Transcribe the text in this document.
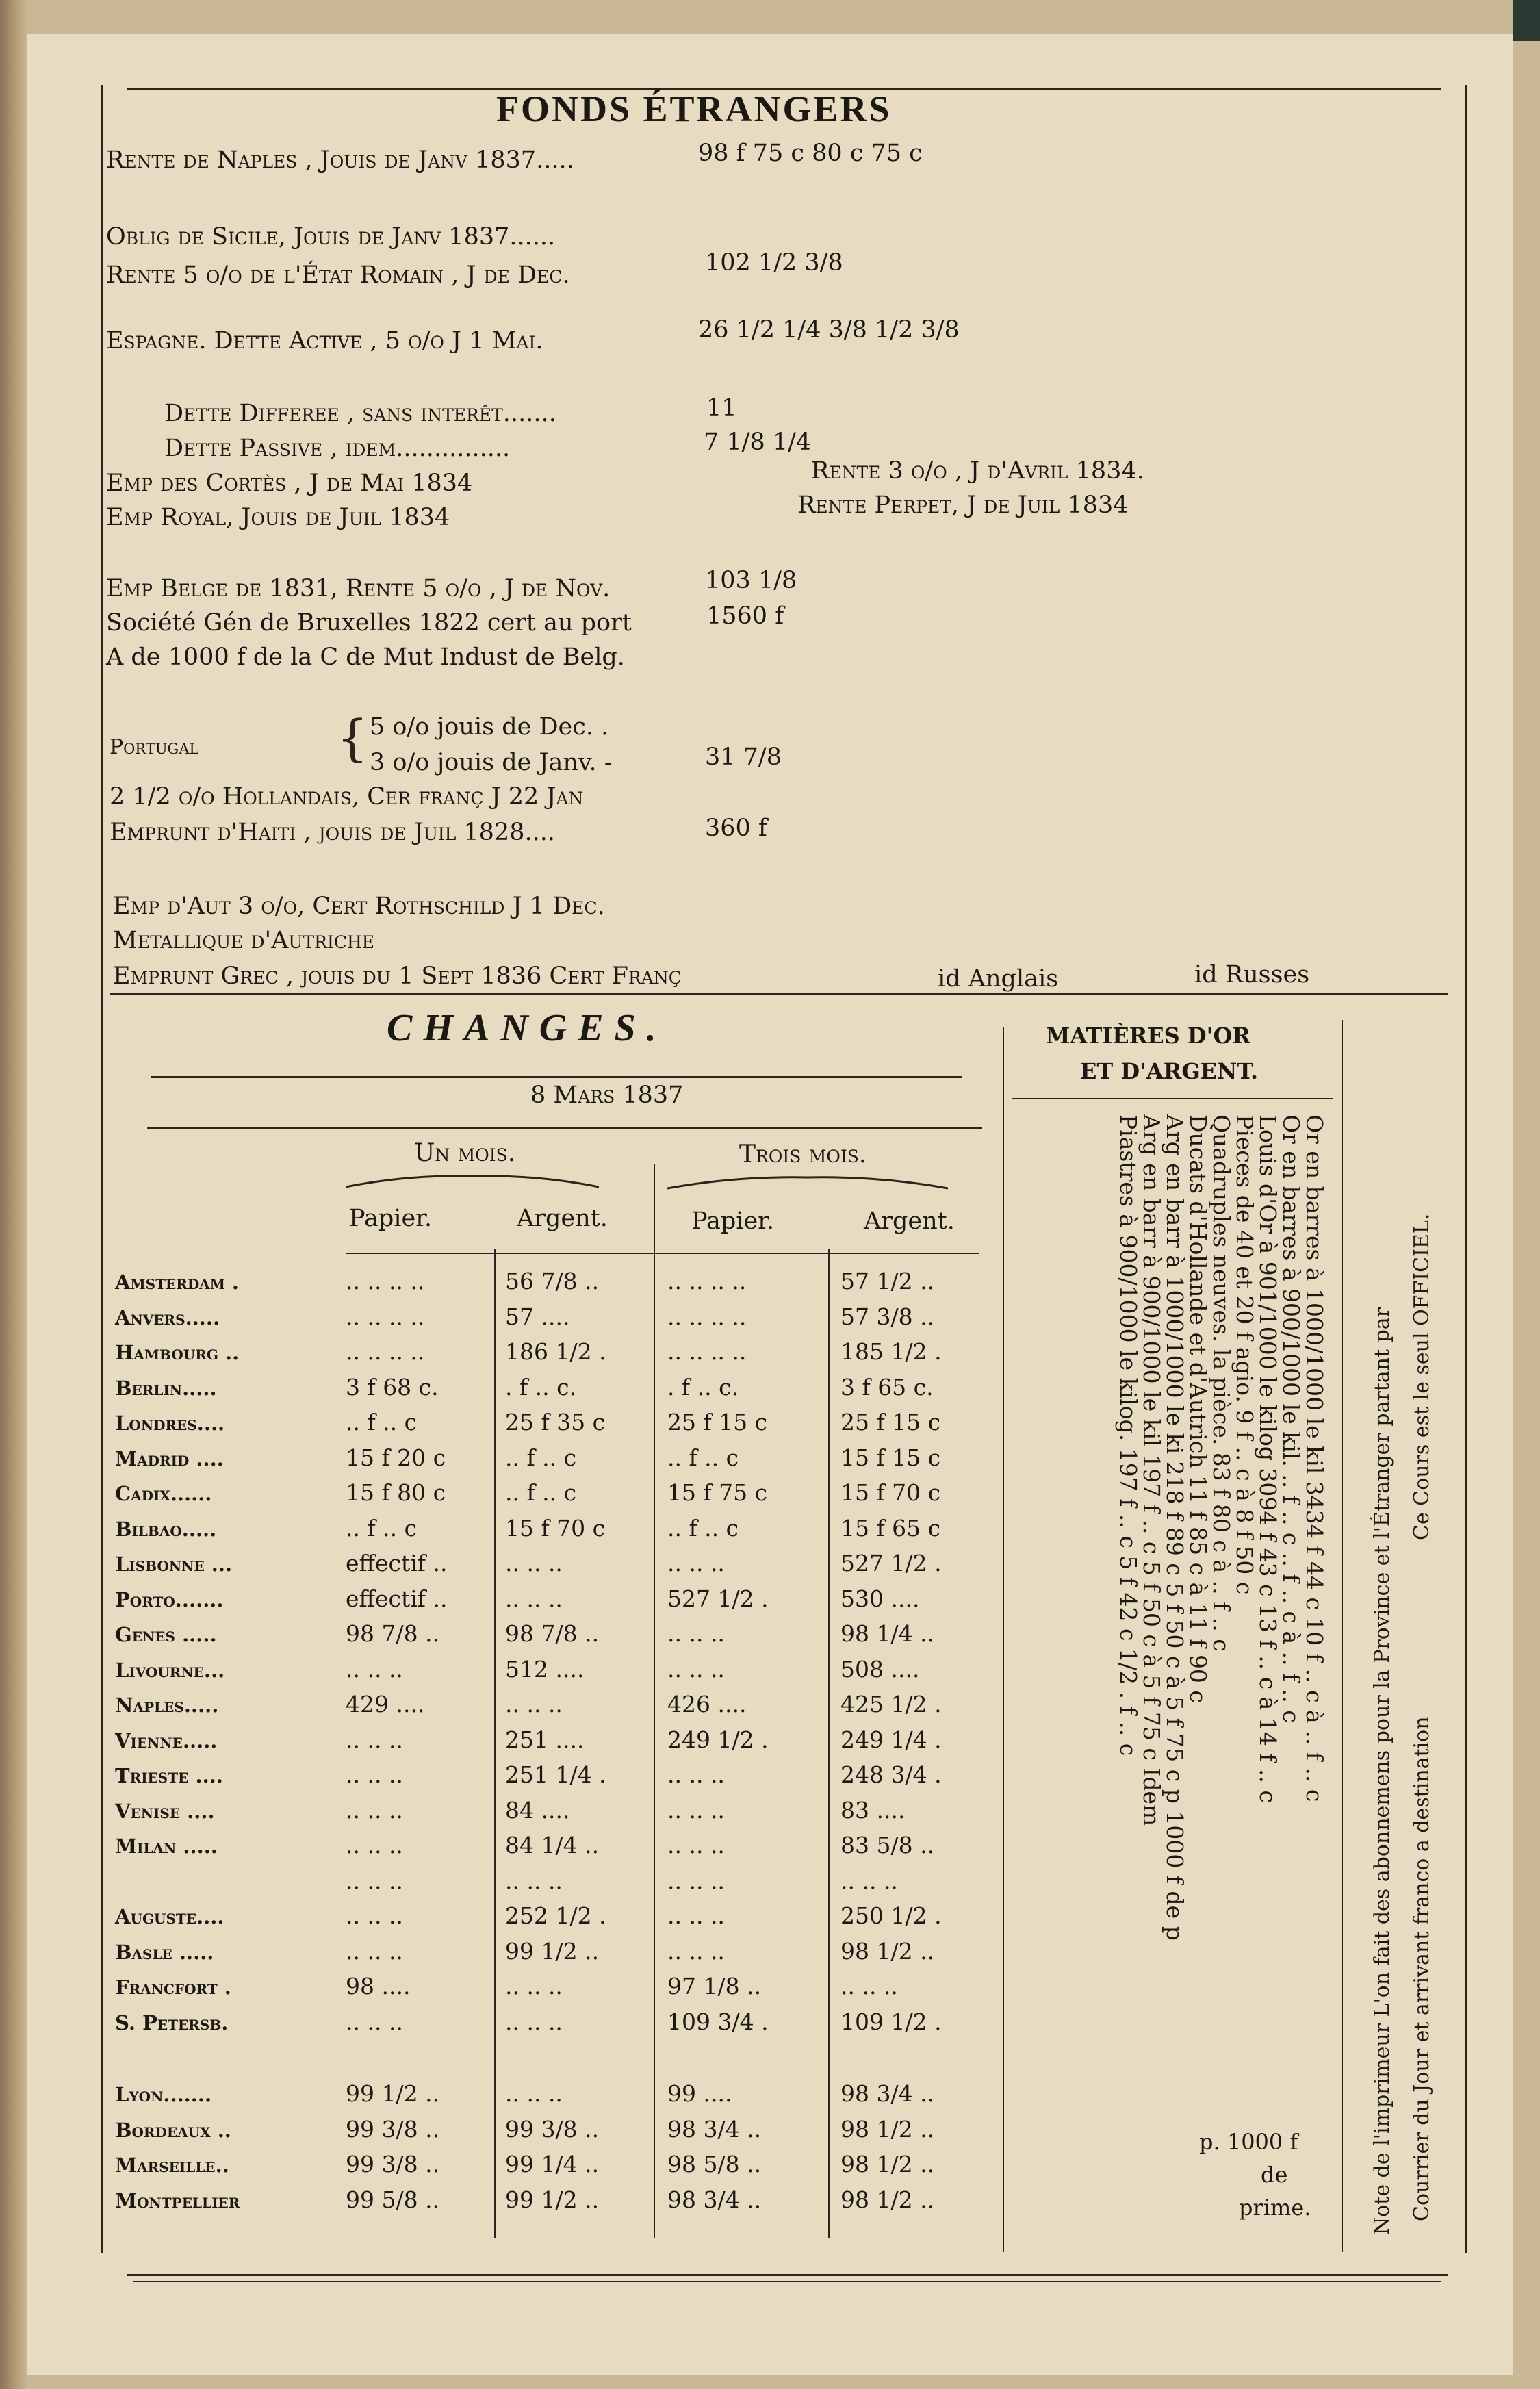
FONDS ÉTRANGERS
Rente de Naples , Jouis de Janv 1837.....	98 f 75 c 80 c 75 c
Oblig de Sicile, Jouis de Janv 1837......
Rente 5 o/o de l'État Romain , J de Dec.	102 1/2 3/8
Espagne. Dette Active , 5 o/o J 1 Mai.	26 1/2 1/4 3/8 1/2 3/8
Dette Differee , sans interêt.......	11
Dette Passive , idem...............	7 1/8 1/4
Rente 3 o/o , J d'Avril 1834.
Emp des Cortès , J de Mai 1834
Rente Perpet, J de Juil 1834
Emp Royal, Jouis de Juil 1834
Emp Belge de 1831, Rente 5 o/o , J de Nov.	103 1/8
Société Gén de Bruxelles 1822 cert au port	1560 f
A de 1000 f de la C de Mut Indust de Belg.
Portugal	{ 5 o/o jouis de Dec. .
3 o/o jouis de Janv. -	31 7/8
2 1/2 o/o Hollandais, Cer franç J 22 Jan
Emprunt d'Haiti , jouis de Juil 1828....	360 f
Emp d'Aut 3 o/o, Cert Rothschild J 1 Dec.
Metallique d'Autriche
Emprunt Grec , jouis du 1 Sept 1836 Cert Franç	id Anglais	id Russes
CHANGES.
8 Mars 1837
Un mois.	Trois mois.
Papier.	Argent.	Papier.	Argent.
Amsterdam .	.. .. .. ..	56 7/8 ..	.. .. .. ..	57 1/2 ..
Anvers.....	.. .. .. ..	57 ....	.. .. .. ..	57 3/8 ..
Hambourg ..	.. .. .. ..	186 1/2 .	.. .. .. ..	185 1/2 .
Berlin.....	3 f 68 c.	. f .. c.	. f .. c.	3 f 65 c.
Londres....	.. f .. c	25 f 35 c	25 f 15 c	25 f 15 c
Madrid ....	15 f 20 c	.. f .. c	.. f .. c	15 f 15 c
Cadix......	15 f 80 c	.. f .. c	15 f 75 c	15 f 70 c
Bilbao.....	.. f .. c	15 f 70 c	.. f .. c	15 f 65 c
Lisbonne ...	effectif ..	.. .. ..	.. .. ..	527 1/2 .
Porto.......	effectif ..	.. .. ..	527 1/2 .	530 ....
Genes .....	98 7/8 ..	98 7/8 ..	.. .. ..	98 1/4 ..
Livourne...	.. .. ..	512 ....	.. .. ..	508 ....
Naples.....	429 ....	.. .. ..	426 ....	425 1/2 .
Vienne.....	.. .. ..	251 ....	249 1/2 .	249 1/4 .
Trieste ....	.. .. ..	251 1/4 .	.. .. ..	248 3/4 .
Venise ....	.. .. ..	84 ....	.. .. ..	83 ....
Milan .....	.. .. ..	84 1/4 ..	.. .. ..	83 5/8 ..
.. .. ..	.. .. ..	.. .. ..	.. .. ..
Auguste....	.. .. ..	252 1/2 .	.. .. ..	250 1/2 .
Basle .....	.. .. ..	99 1/2 ..	.. .. ..	98 1/2 ..
Francfort .	98 ....	.. .. ..	97 1/8 ..	.. .. ..
S. Petersb.	.. .. ..	.. .. ..	109 3/4 .	109 1/2 .
Lyon.......	99 1/2 ..	.. .. ..	99 ....	98 3/4 ..
Bordeaux ..	99 3/8 ..	99 3/8 ..	98 3/4 ..	98 1/2 ..
Marseille..	99 3/8 ..	99 1/4 ..	98 5/8 ..	98 1/2 ..
Montpellier	99 5/8 ..	99 1/2 ..	98 3/4 ..	98 1/2 ..
MATIÈRES D'OR
ET D'ARGENT.
Or en barres à 1000/1000 le kil 3434 f 44 c 10 f .. c à .. f .. c
Or en barres à 900/1000 le kil. .. f .. c .. f .. c à .. f .. c
Louis d'Or à 901/1000 le kilog 3094 f 43 c 13 f .. c à 14 f .. c
Pieces de 40 et 20 f agio. 9 f .. c à 8 f 50 c
Quadruples neuves. la pièce. 83 f 80 c à .. f .. c
Ducats d'Hollande et d'Autrich 11 f 85 c à 11 f 90 c
Arg en barr à 1000/1000 le ki 218 f 89 c 5 f 50 c à 5 f 75 c p 1000 f de p
Arg en barr à 900/1000 le kil 197 f .. c 5 f 50 c à 5 f 75 c Idem
Piastres à 900/1000 le kilog. 197 f .. c 5 f 42 c 1/2 . f .. c
p. 1000 f
de
prime.	Note de l'imprimeur L'on fait des abonnemens pour la Province et l'Étranger partant par Courrier du Jour et arrivant franco a destination
Ce Cours est le seul OFFICIEL.
